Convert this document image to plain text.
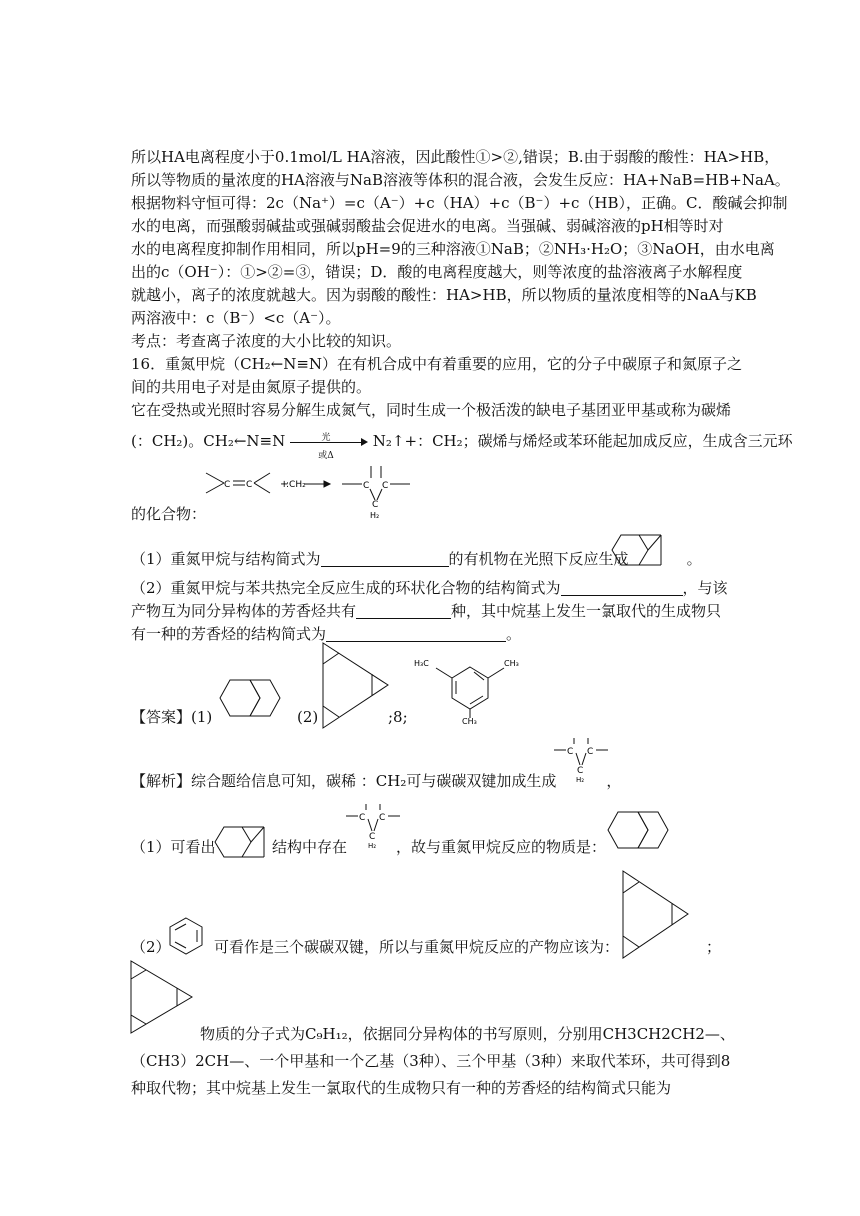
所以HA电离程度小于0.1mol/L HA溶液，因此酸性①>②,错误；B.由于弱酸的酸性：HA>HB，
所以等物质的量浓度的HA溶液与NaB溶液等体积的混合液，会发生反应：HA+NaB=HB+NaA。
根据物料守恒可得：2c（Na⁺）=c（A⁻）+c（HA）+c（B⁻）+c（HB），正确。C．酸碱会抑制
水的电离，而强酸弱碱盐或强碱弱酸盐会促进水的电离。当强碱、弱碱溶液的pH相等时对
水的电离程度抑制作用相同，所以pH=9的三种溶液①NaB；②NH₃·H₂O；③NaOH，由水电离
出的c（OH⁻）：①>②=③，错误；D．酸的电离程度越大，则等浓度的盐溶液离子水解程度
就越小，离子的浓度就越大。因为弱酸的酸性：HA>HB，所以物质的量浓度相等的NaA与KB
两溶液中：c（B⁻）<c（A⁻）。
考点：考查离子浓度的大小比较的知识。
16．重氮甲烷（CH₂←N≡N）在有机合成中有着重要的应用，它的分子中碳原子和氮原子之
间的共用电子对是由氮原子提供的。
它在受热或光照时容易分解生成氮气，同时生成一个极活泼的缺电子基团亚甲基或称为碳烯
(：CH₂)。CH₂←N≡N	光
或Δ
N₂↑+：CH₂；碳烯与烯烃或苯环能起加成反应，生成含三元环
C C	+
:CH₂	C C
C
H₂
的化合物：
（1）重氮甲烷与结构简式为	的有机物在光照下反应生成	。
（2）重氮甲烷与苯共热完全反应生成的环状化合物的结构简式为	，与该
产物互为同分异构体的芳香烃共有	种，其中烷基上发生一氯取代的生成物只
有一种的芳香烃的结构简式为	。
【答案】(1)	(2)	;8;
H₃C	CH₃
CH₃
【解析】综合题给信息可知，碳稀 ：CH₂可与碳碳双键加成生成	，
C C
C
H₂
（1）可看出	结构中存在
C C
C
H₂ ，故与重氮甲烷反应的物质是：
（2）	可看作是三个碳碳双键，所以与重氮甲烷反应的产物应该为：	；
物质的分子式为C₉H₁₂，依据同分异构体的书写原则，分别用CH3CH2CH2—、
（CH3）2CH—、一个甲基和一个乙基（3种）、三个甲基（3种）来取代苯环，共可得到8
种取代物；其中烷基上发生一氯取代的生成物只有一种的芳香烃的结构简式只能为
